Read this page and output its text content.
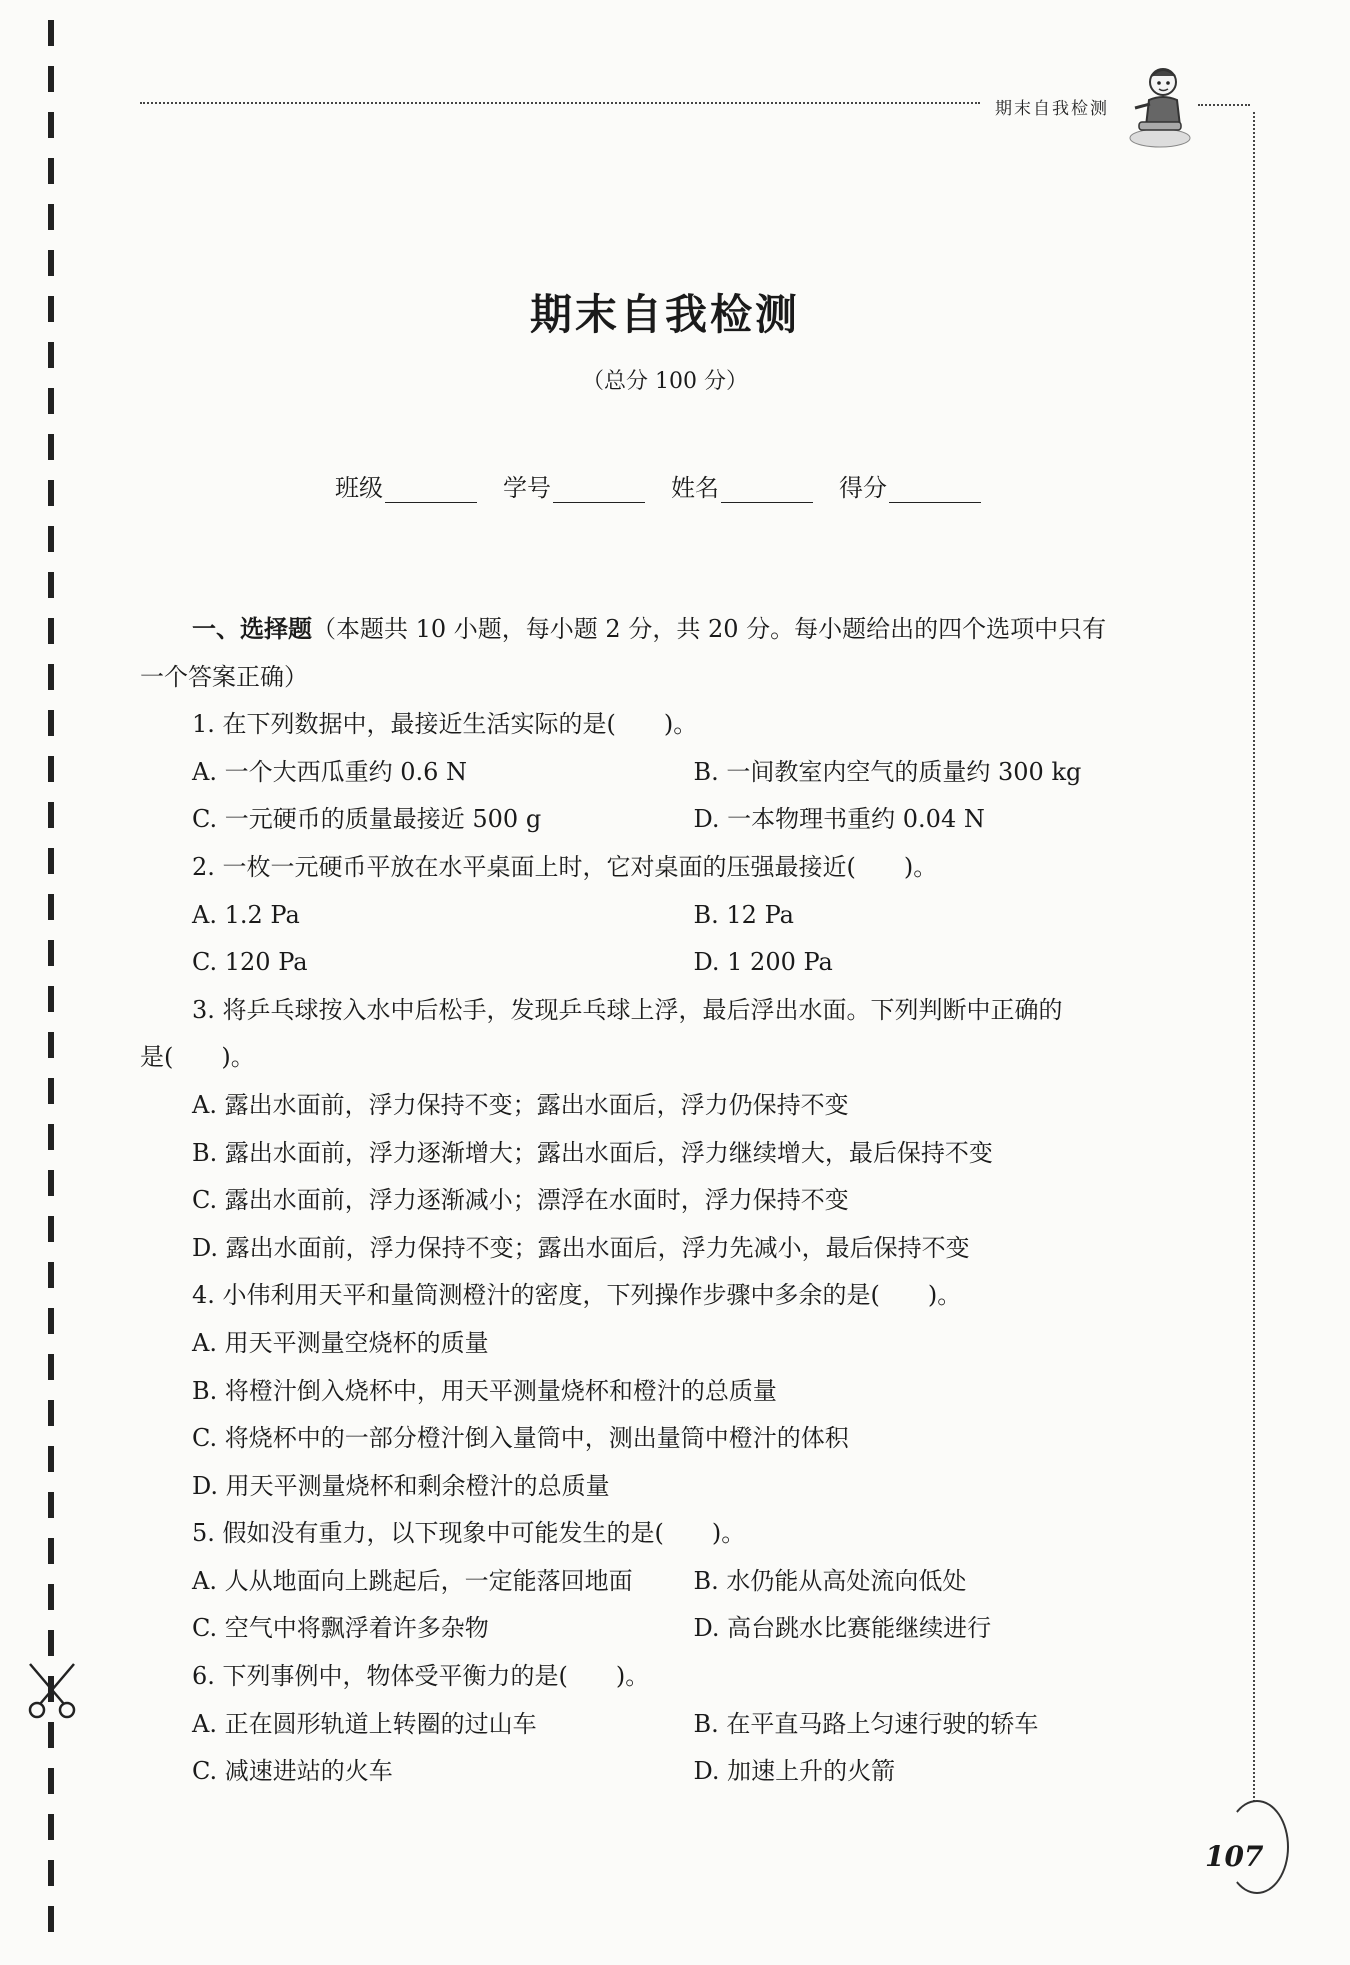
期末自我检测
期末自我检测
（总分 100 分）
班级	学号	姓名	得分
一、选择题（本题共 10 小题，每小题 2 分，共 20 分。每小题给出的四个选项中只有
一个答案正确）
1. 在下列数据中，最接近生活实际的是(　　)。
A. 一个大西瓜重约 0.6 N	B. 一间教室内空气的质量约 300 kg
C. 一元硬币的质量最接近 500 g	D. 一本物理书重约 0.04 N
2. 一枚一元硬币平放在水平桌面上时，它对桌面的压强最接近(　　)。
A. 1.2 Pa	B. 12 Pa
C. 120 Pa	D. 1 200 Pa
3. 将乒乓球按入水中后松手，发现乒乓球上浮，最后浮出水面。下列判断中正确的
是(　　)。
A. 露出水面前，浮力保持不变；露出水面后，浮力仍保持不变
B. 露出水面前，浮力逐渐增大；露出水面后，浮力继续增大，最后保持不变
C. 露出水面前，浮力逐渐减小；漂浮在水面时，浮力保持不变
D. 露出水面前，浮力保持不变；露出水面后，浮力先减小，最后保持不变
4. 小伟利用天平和量筒测橙汁的密度，下列操作步骤中多余的是(　　)。
A. 用天平测量空烧杯的质量
B. 将橙汁倒入烧杯中，用天平测量烧杯和橙汁的总质量
C. 将烧杯中的一部分橙汁倒入量筒中，测出量筒中橙汁的体积
D. 用天平测量烧杯和剩余橙汁的总质量
5. 假如没有重力，以下现象中可能发生的是(　　)。
A. 人从地面向上跳起后，一定能落回地面	B. 水仍能从高处流向低处
C. 空气中将飘浮着许多杂物	D. 高台跳水比赛能继续进行
6. 下列事例中，物体受平衡力的是(　　)。
A. 正在圆形轨道上转圈的过山车	B. 在平直马路上匀速行驶的轿车
C. 减速进站的火车	D. 加速上升的火箭
107
